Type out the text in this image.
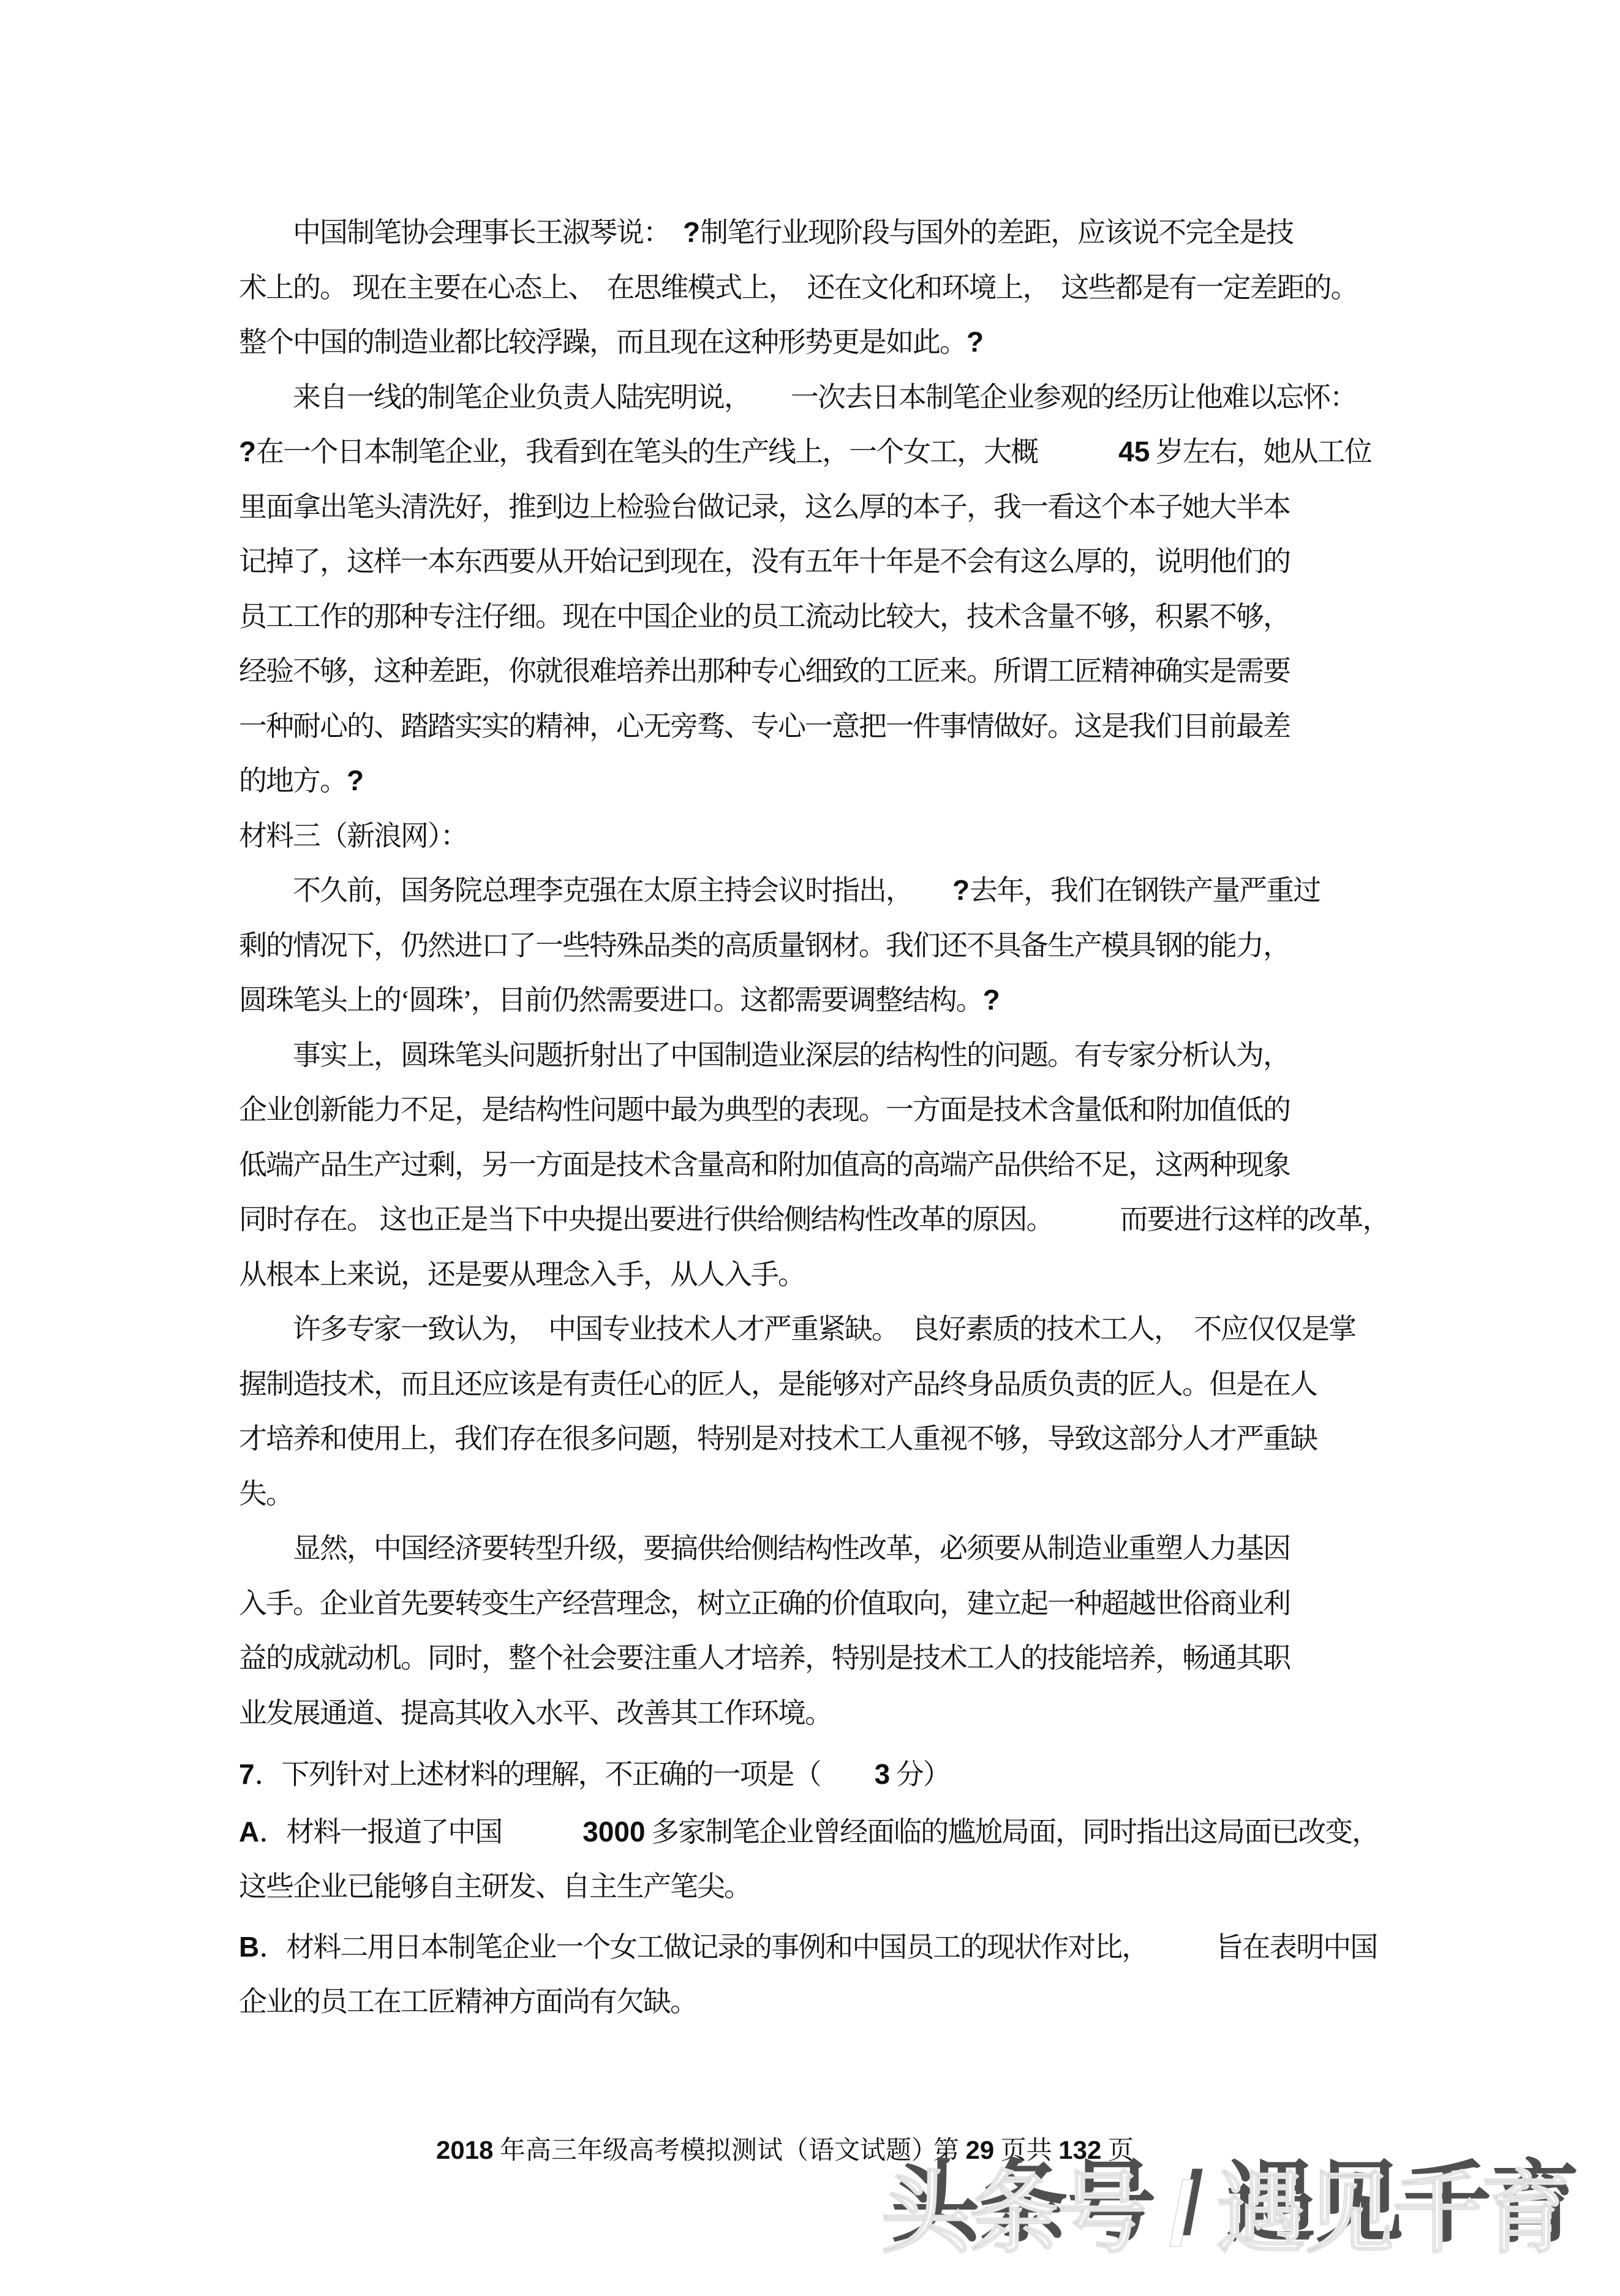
中国制笔协会理事长王淑琴说：　?制笔行业现阶段与国外的差距，应该说不完全是技
术上的。 现在主要在心态上、  在思维模式上，  还在文化和环境上，  这些都是有一定差距的。
整个中国的制造业都比较浮躁，而且现在这种形势更是如此。?
来自一线的制笔企业负责人陆宪明说，　　一次去日本制笔企业参观的经历让他难以忘怀：
?在一个日本制笔企业，我看到在笔头的生产线上，一个女工，大概　　　45 岁左右，她从工位
里面拿出笔头清洗好，推到边上检验台做记录，这么厚的本子，我一看这个本子她大半本
记掉了，这样一本东西要从开始记到现在，没有五年十年是不会有这么厚的，说明他们的
员工工作的那种专注仔细。现在中国企业的员工流动比较大，技术含量不够，积累不够，
经验不够，这种差距，你就很难培养出那种专心细致的工匠来。所谓工匠精神确实是需要
一种耐心的、踏踏实实的精神，心无旁骛、专心一意把一件事情做好。这是我们目前最差
的地方。?
材料三（新浪网）：
不久前，国务院总理李克强在太原主持会议时指出，　　?去年，我们在钢铁产量严重过
剩的情况下，仍然进口了一些特殊品类的高质量钢材。我们还不具备生产模具钢的能力，
圆珠笔头上的‘圆珠’，目前仍然需要进口。这都需要调整结构。?
事实上，圆珠笔头问题折射出了中国制造业深层的结构性的问题。有专家分析认为，
企业创新能力不足，是结构性问题中最为典型的表现。一方面是技术含量低和附加值低的
低端产品生产过剩，另一方面是技术含量高和附加值高的高端产品供给不足，这两种现象
同时存在。 这也正是当下中央提出要进行供给侧结构性改革的原因。　　　而要进行这样的改革，
从根本上来说，还是要从理念入手，从人入手。
许多专家一致认为，　中国专业技术人才严重紧缺。　良好素质的技术工人，　不应仅仅是掌
握制造技术，而且还应该是有责任心的匠人，是能够对产品终身品质负责的匠人。但是在人
才培养和使用上，我们存在很多问题，特别是对技术工人重视不够，导致这部分人才严重缺
失。
显然，中国经济要转型升级，要搞供给侧结构性改革，必须要从制造业重塑人力基因
入手。企业首先要转变生产经营理念，树立正确的价值取向，建立起一种超越世俗商业利
益的成就动机。同时，整个社会要注重人才培养，特别是技术工人的技能培养，畅通其职
业发展通道、提高其收入水平、改善其工作环境。
7．下列针对上述材料的理解，不正确的一项是（　　3 分）
A．材料一报道了中国　　　3000 多家制笔企业曾经面临的尴尬局面，同时指出这局面已改变，
这些企业已能够自主研发、自主生产笔尖。
B．材料二用日本制笔企业一个女工做记录的事例和中国员工的现状作对比，　　　旨在表明中国
企业的员工在工匠精神方面尚有欠缺。
2018 年高三年级高考模拟测试（语文试题）
第 29 页共 132 页
头条号 / 遇见千育
